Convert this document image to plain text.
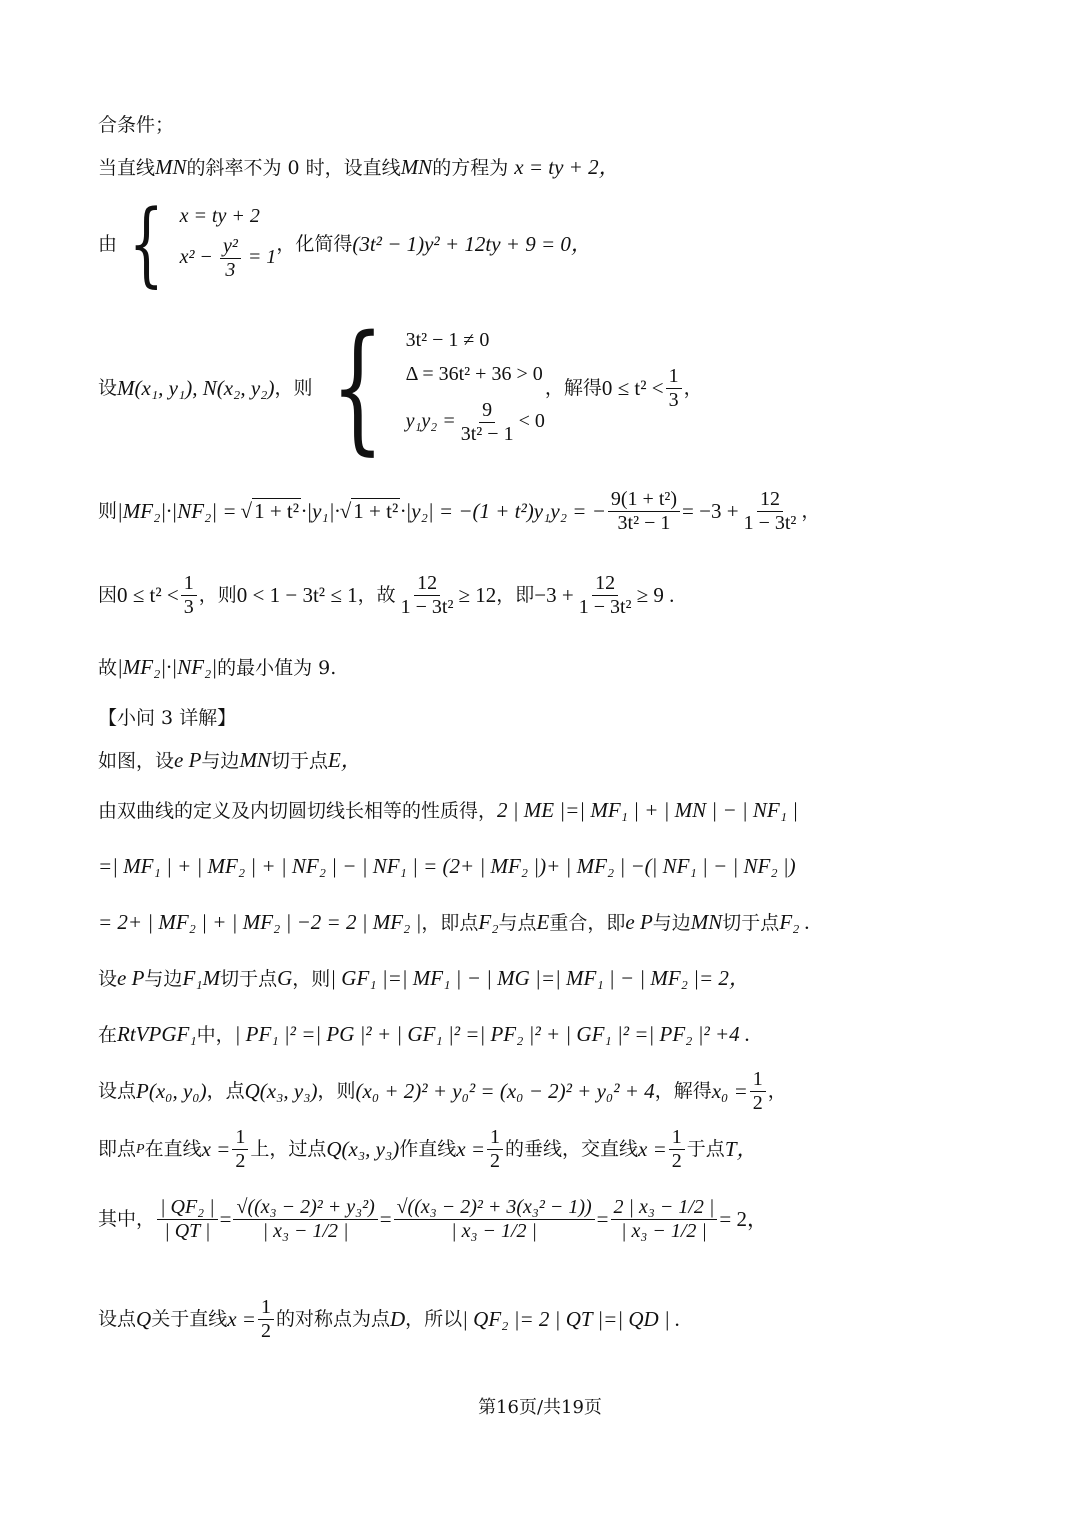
合条件；
当直线MN的斜率不为 0 时，设直线MN的方程为 x = ty + 2，
由 { x = ty + 2
$x^2 - \frac{\text{y²}}{3} = 1$
，化简得 (3t² − 1)y² + 12ty + 9 = 0，
设 M(x₁, y₁), N(x₂, y₂) ，则 { 3t² − 1 ≠ 0
Δ = 36t² + 36 > 0
$y_1y_2 = \frac{9}{\text{3t² − 1}} < 0$
，解得 $0 \le t^2 < \frac{1}{3}$ ，
则 |MF₂|·|NF₂| = √1 + t² ·|y₁|· √1 + t² ·|y₂| = −(1 + t²)y₁y₂ = − $\frac{\text{9(1 + t²)}}{\text{3t² − 1}} = -3 + \frac{12}{\text{1 − 3t²}}$ ，
因 $0 \le t^2 < \frac{1}{3}$ ，则 0 < 1 − 3t² ≤ 1 ，故 $\frac{12}{\text{1 − 3t²}} \ge 12$ ，即 $-3 + \frac{12}{\text{1 − 3t²}} \ge 9$ .
故|MF₂|·|NF₂|的最小值为 9.
【小问 3 详解】
如图，设e P与边MN切于点E，
由双曲线的定义及内切圆切线长相等的性质得，2 | ME |=| MF₁ | + | MN | − | NF₁ |
=| MF₁ | + | MF₂ | + | NF₂ | − | NF₁ | = (2+ | MF₂ |)+ | MF₂ | −(| NF₁ | − | NF₂ |)
= 2+ | MF₂ | + | MF₂ | −2 = 2 | MF₂ |，即点F₂与点E重合，即e P与边MN切于点F₂ .
设e P与边F₁M切于点G，则| GF₁ |=| MF₁ | − | MG |=| MF₁ | − | MF₂ |= 2，
在RtVPGF₁中，| PF₁ |² =| PG |² + | GF₁ |² =| PF₂ |² + | GF₁ |² =| PF₂ |² +4 .
设点 P(x₀, y₀) ，点 Q(x₃, y₃) ，则 (x₀ + 2)² + y₀² = (x₀ − 2)² + y₀² + 4 ，解得 $x_0 = \frac{1}{2}$ ，
即点 P 在直线 $x = \frac{1}{2}$ 上，过点 Q(x₃, y₃) 作直线 $x = \frac{1}{2}$ 的垂线，交直线 $x = \frac{1}{2}$ 于点 T，
其中， $\frac{\text{| QF₂ |}}{| QT |} = \frac{\text{√((x₃ − 2)² + y₃²)}}{\text{| x₃ − 1/2 |}} = \frac{\text{√((x₃ − 2)² + 3(x₃² − 1))}}{\text{| x₃ − 1/2 |}} = \frac{\text{2 | x₃ − 1/2 |}}{\text{| x₃ − 1/2 |}} = 2$，
设点 Q 关于直线 $x = \frac{1}{2}$ 的对称点为点 D ，所以 | QF₂ |= 2 | QT |=| QD | .
第16页/共19页
